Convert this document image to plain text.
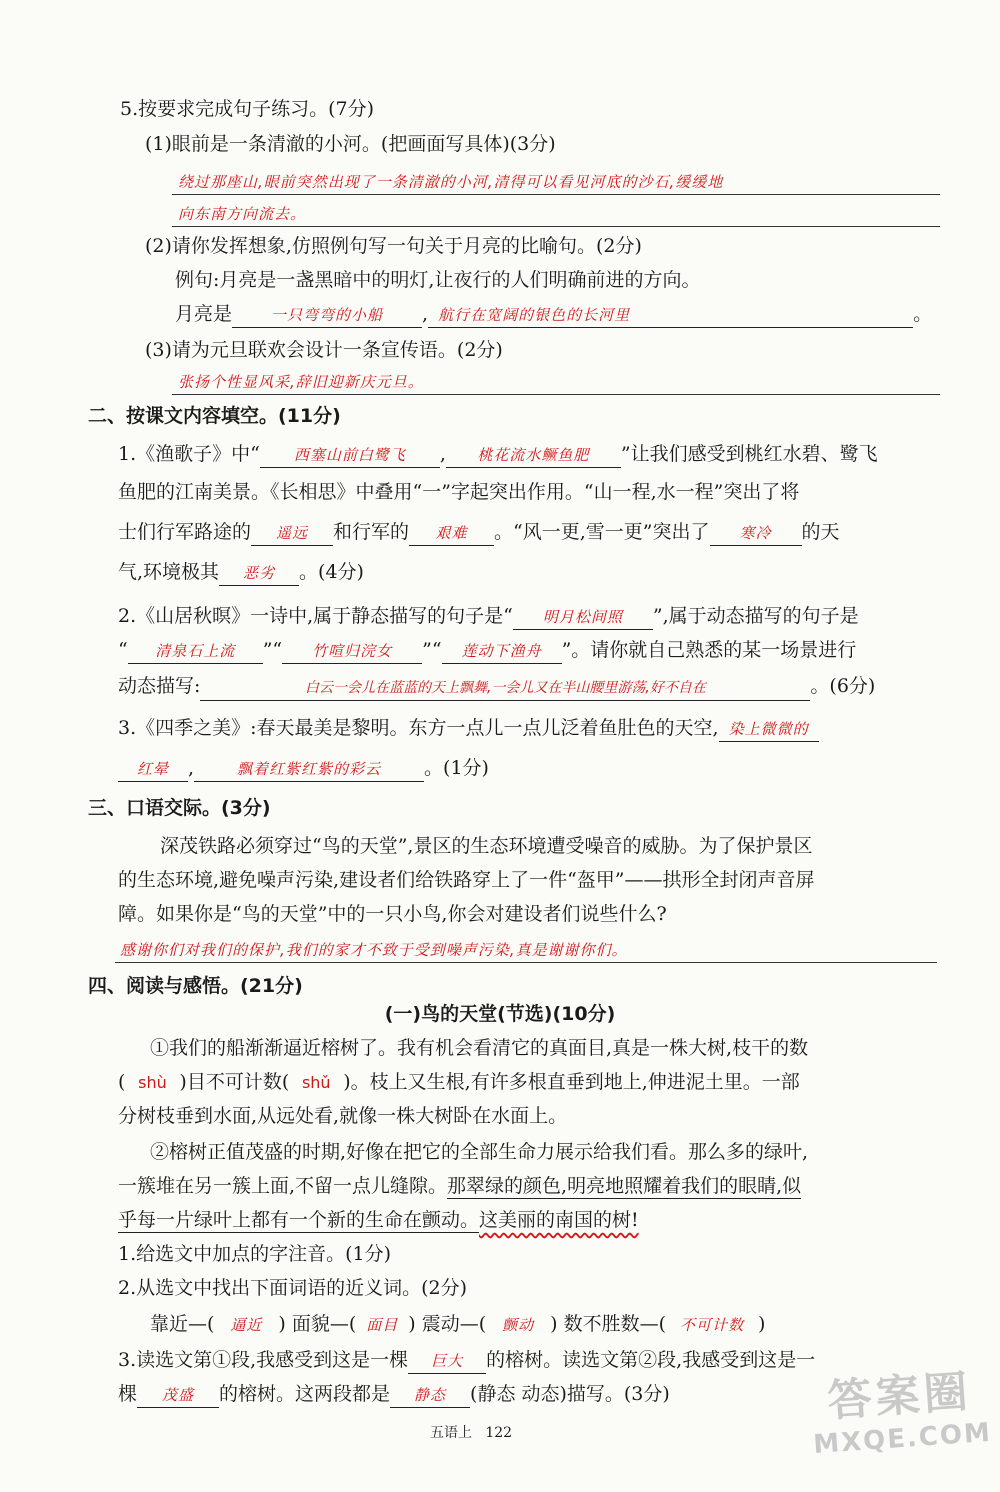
5.按要求完成句子练习。(7分)
(1)眼前是一条清澈的小河。(把画面写具体)(3分)
绕过那座山,眼前突然出现了一条清澈的小河,清得可以看见河底的沙石,缓缓地
向东南方向流去。
(2)请你发挥想象,仿照例句写一句关于月亮的比喻句。(2分)
例句:月亮是一盏黑暗中的明灯,让夜行的人们明确前进的方向。
月亮是	一只弯弯的小船 , 航行在宽阔的银色的长河里	。
(3)请为元旦联欢会设计一条宣传语。(2分)
张扬个性显风采,辞旧迎新庆元旦。
二、按课文内容填空。(11分)
1.《渔歌子》中“ 西塞山前白鹭飞 , 桃花流水鳜鱼肥 ”让我们感受到桃红水碧、鹭飞
鱼肥的江南美景。《长相思》中叠用“一”字起突出作用。“山一程,水一程”突出了将
士们行军路途的 遥远 和行军的 艰难 。“风一更,雪一更”突出了 寒冷 的天
气,环境极其 恶劣 。(4分)
2.《山居秋暝》一诗中,属于静态描写的句子是“ 明月松间照 ”,属于动态描写的句子是
“ 清泉石上流 ”“ 竹喧归浣女 ”“ 莲动下渔舟 ”。请你就自己熟悉的某一场景进行
动态描写:	白云一会儿在蓝蓝的天上飘舞,一会儿又在半山腰里游荡,好不自在	。(6分)
3.《四季之美》:春天最美是黎明。东方一点儿一点儿泛着鱼肚色的天空, 染上微微的
红晕 ,	飘着红紫红紫的彩云 。(1分)
三、口语交际。(3分)
深茂铁路必须穿过“鸟的天堂”,景区的生态环境遭受噪音的威胁。为了保护景区
的生态环境,避免噪声污染,建设者们给铁路穿上了一件“盔甲”——拱形全封闭声音屏
障。如果你是“鸟的天堂”中的一只小鸟,你会对建设者们说些什么?
感谢你们对我们的保护,我们的家才不致于受到噪声污染,真是谢谢你们。
四、阅读与感悟。(21分)
(一)鸟的天堂(节选)(10分)
①我们的船渐渐逼近榕树了。我有机会看清它的真面目,真是一株大树,枝干的数
( shù )目不可计数( shǔ )。枝上又生根,有许多根直垂到地上,伸进泥土里。一部
分树枝垂到水面,从远处看,就像一株大树卧在水面上。
②榕树正值茂盛的时期,好像在把它的全部生命力展示给我们看。那么多的绿叶,
一簇堆在另一簇上面,不留一点儿缝隙。那翠绿的颜色,明亮地照耀着我们的眼睛,似
乎每一片绿叶上都有一个新的生命在颤动。这美丽的南国的树!
1.给选文中加点的字注音。(1分)
2.从选文中找出下面词语的近义词。(2分)
靠近—( 逼近 ) 面貌—( 面目 ) 震动—( 颤动 ) 数不胜数—( 不可计数 )
3.读选文第①段,我感受到这是一棵 巨大 的榕树。读选文第②段,我感受到这是一
棵 茂盛 的榕树。这两段都是 静态 (静态 动态)描写。(3分)
五语上 122
答案圈
MXQE.COM
